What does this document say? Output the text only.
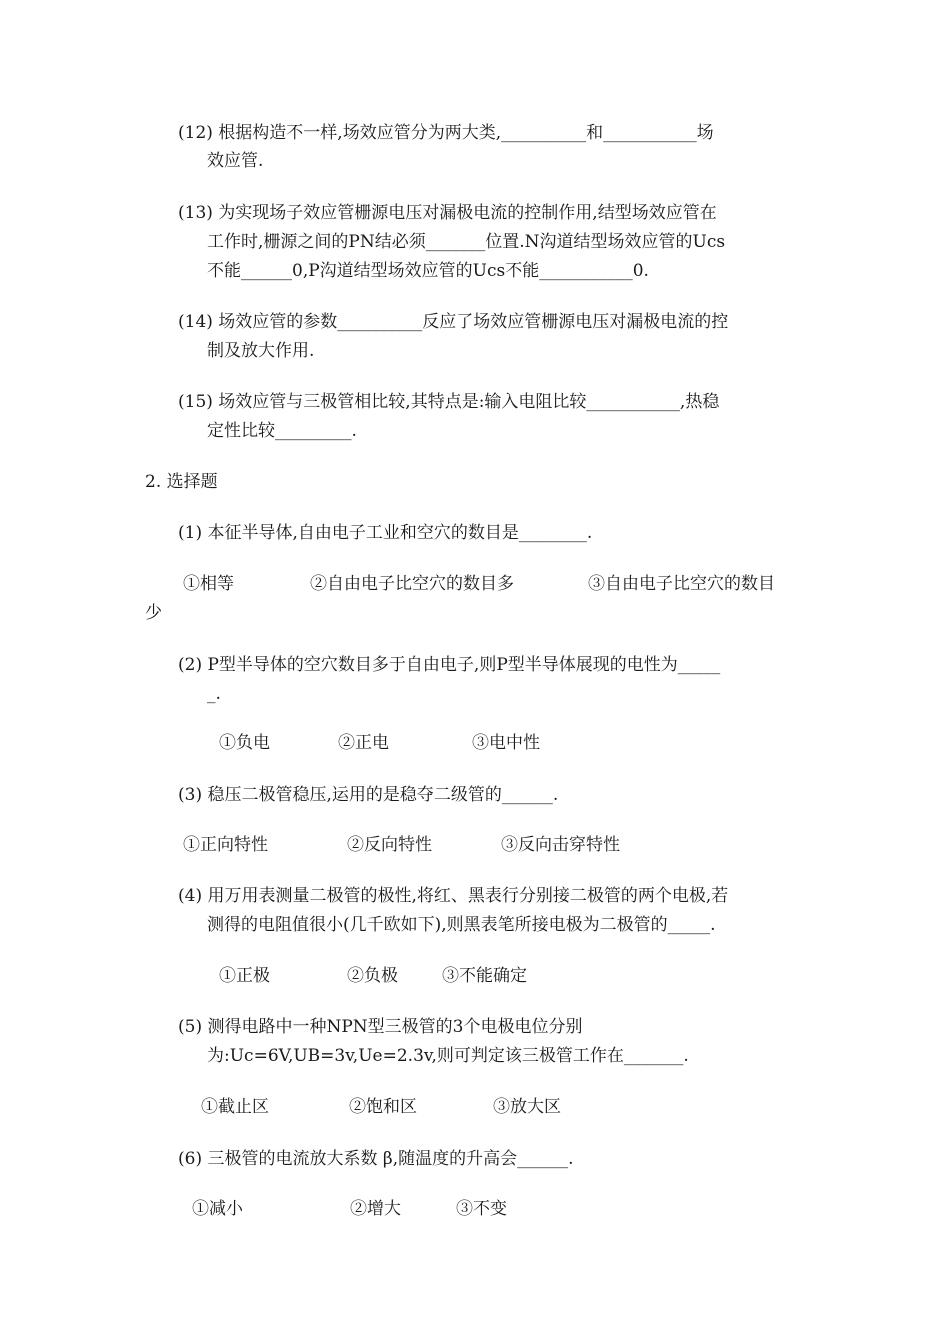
(12) 根据构造不一样,场效应管分为两大类,__________和___________场
效应管.
(13) 为实现场子效应管栅源电压对漏极电流的控制作用,结型场效应管在
工作时,栅源之间的PN结必须_______位置.N沟道结型场效应管的Ucs
不能______0,P沟道结型场效应管的Ucs不能___________0.
(14) 场效应管的参数__________反应了场效应管栅源电压对漏极电流的控
制及放大作用.
(15) 场效应管与三极管相比较,其特点是:输入电阻比较___________,热稳
定性比较_________.
2. 选择题
(1) 本征半导体,自由电子工业和空穴的数目是________.
①相等	②自由电子比空穴的数目多	③自由电子比空穴的数目
少
(2) P型半导体的空穴数目多于自由电子,则P型半导体展现的电性为_____
_.
①负电	②正电	③电中性
(3) 稳压二极管稳压,运用的是稳夺二级管的______.
①正向特性	②反向特性	③反向击穿特性
(4) 用万用表测量二极管的极性,将红、黑表行分别接二极管的两个电极,若
测得的电阻值很小(几千欧如下),则黑表笔所接电极为二极管的_____.
①正极	②负极	③不能确定
(5) 测得电路中一种NPN型三极管的3个电极电位分别
为:Uc=6V,UB=3v,Ue=2.3v,则可判定该三极管工作在_______.
①截止区	②饱和区	③放大区
(6) 三极管的电流放大系数 β,随温度的升高会______.
①减小	②增大	③不变
